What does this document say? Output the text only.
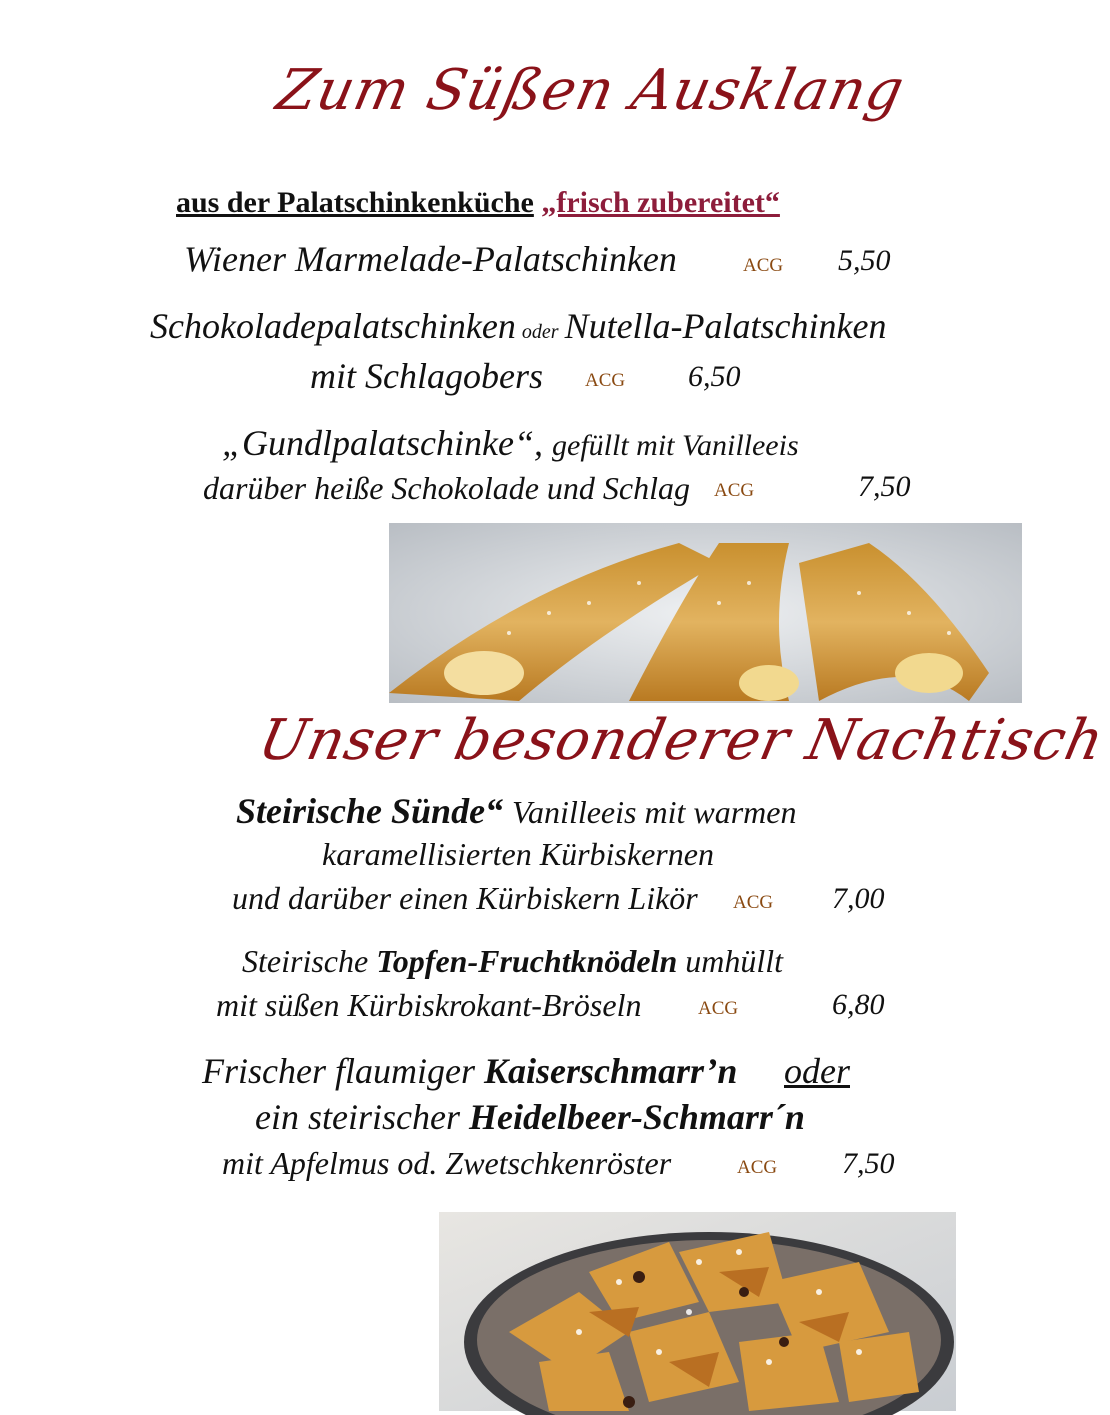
Zum Süßen Ausklang
aus der Palatschinkenküche „frisch zubereitet“
Wiener Marmelade-Palatschinken	ACG 5,50
Schokoladepalatschinken oder Nutella-Palatschinken
mit Schlagobers ACG 6,50
„Gundlpalatschinke“, gefüllt mit Vanilleeis
darüber heiße Schokolade und Schlag ACG	7,50
Unser besonderer Nachtisch
Steirische Sünde“ Vanilleeis mit warmen
karamellisierten Kürbiskernen
und darüber einen Kürbiskern Likör ACG 7,00
Steirische Topfen-Fruchtknödeln umhüllt
mit süßen Kürbiskrokant-Bröseln	ACG	6,80
Frischer flaumiger Kaiserschmarr’n oder
ein steirischer Heidelbeer-Schmarr´n
mit Apfelmus od. Zwetschkenröster	ACG 7,50
